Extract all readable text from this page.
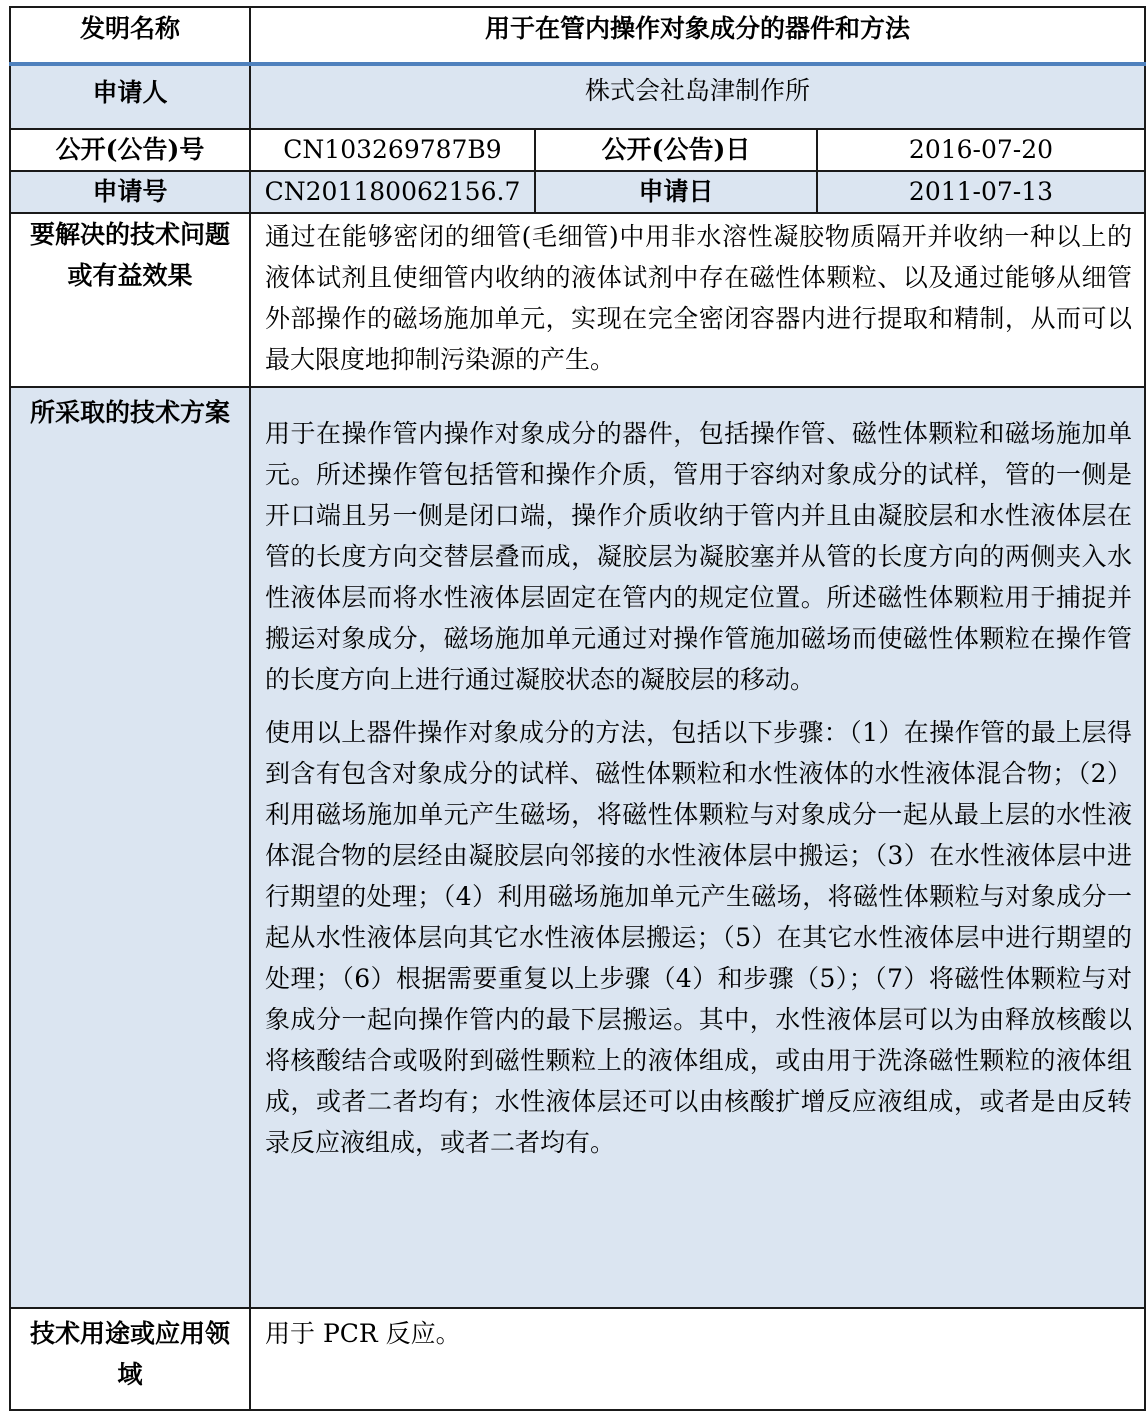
发明名称	用于在管内操作对象成分的器件和方法		
申请人	株式会社岛津制作所		
公开(公告)号	CN103269787B9	公开(公告)日	2016-07-20
申请号	CN201180062156.7	申请日	2011-07-13
要解决的技术问题或有益效果	通过在能够密闭的细管(毛细管)中用非水溶性凝胶物质隔开并收纳一种以上的液体试剂且使细管内收纳的液体试剂中存在磁性体颗粒、以及通过能够从细管外部操作的磁场施加单元，实现在完全密闭容器内进行提取和精制，从而可以最大限度地抑制污染源的产生。		
所采取的技术方案	用于在操作管内操作对象成分的器件，包括操作管、磁性体颗粒和磁场施加单元。所述操作管包括管和操作介质，管用于容纳对象成分的试样，管的一侧是开口端且另一侧是闭口端，操作介质收纳于管内并且由凝胶层和水性液体层在管的长度方向交替层叠而成，凝胶层为凝胶塞并从管的长度方向的两侧夹入水性液体层而将水性液体层固定在管内的规定位置。所述磁性体颗粒用于捕捉并搬运对象成分，磁场施加单元通过对操作管施加磁场而使磁性体颗粒在操作管的长度方向上进行通过凝胶状态的凝胶层的移动。

使用以上器件操作对象成分的方法，包括以下步骤：（1）在操作管的最上层得到含有包含对象成分的试样、磁性体颗粒和水性液体的水性液体混合物；（2）利用磁场施加单元产生磁场，将磁性体颗粒与对象成分一起从最上层的水性液体混合物的层经由凝胶层向邻接的水性液体层中搬运；（3）在水性液体层中进行期望的处理；（4）利用磁场施加单元产生磁场，将磁性体颗粒与对象成分一起从水性液体层向其它水性液体层搬运；（5）在其它水性液体层中进行期望的处理；（6）根据需要重复以上步骤（4）和步骤（5）；（7）将磁性体颗粒与对象成分一起向操作管内的最下层搬运。其中，水性液体层可以为由释放核酸以将核酸结合或吸附到磁性颗粒上的液体组成，或由用于洗涤磁性颗粒的液体组成，或者二者均有；水性液体层还可以由核酸扩增反应液组成，或者是由反转录反应液组成，或者二者均有。		

技术用途或应用领域	用于 PCR 反应。		
